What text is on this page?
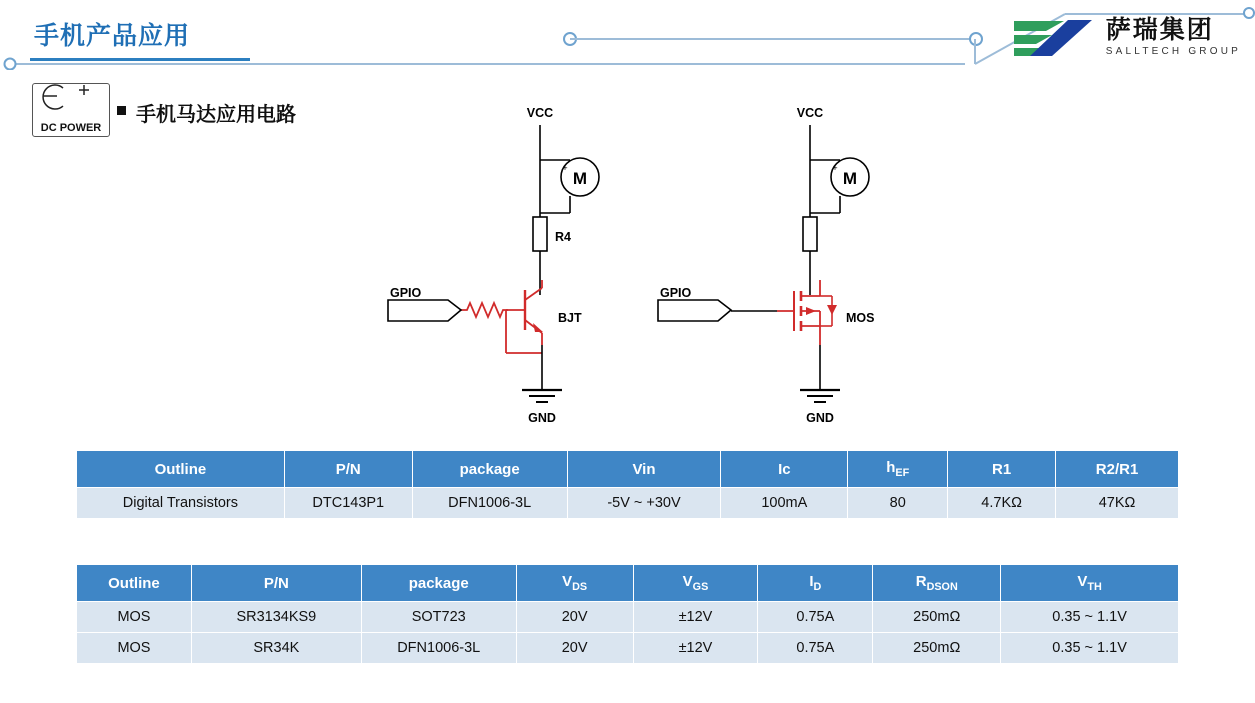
手机产品应用	萨瑞集团
SALLTECH GROUP
DC POWER
手机马达应用电路
M
+
VCC
R4
BJT
GND
GPIO
M
+
VCC
MOS
GND
GPIO
Outline	P/N	package	Vin	Ic	$h_{EF}$	R1	R2/R1
Digital Transistors	DTC143P1	DFN1006-3L	-5V ~ +30V	100mA	80	4.7KΩ	47KΩ
Outline	P/N	package	$V_{DS}$	$V_{GS}$	$I_D$	$R_{DSON}$	$V_{TH}$
MOS	SR3134KS9	SOT723	20V	±12V	0.75A	250mΩ	0.35 ~ 1.1V
MOS	SR34K	DFN1006-3L	20V	±12V	0.75A	250mΩ	0.35 ~ 1.1V
